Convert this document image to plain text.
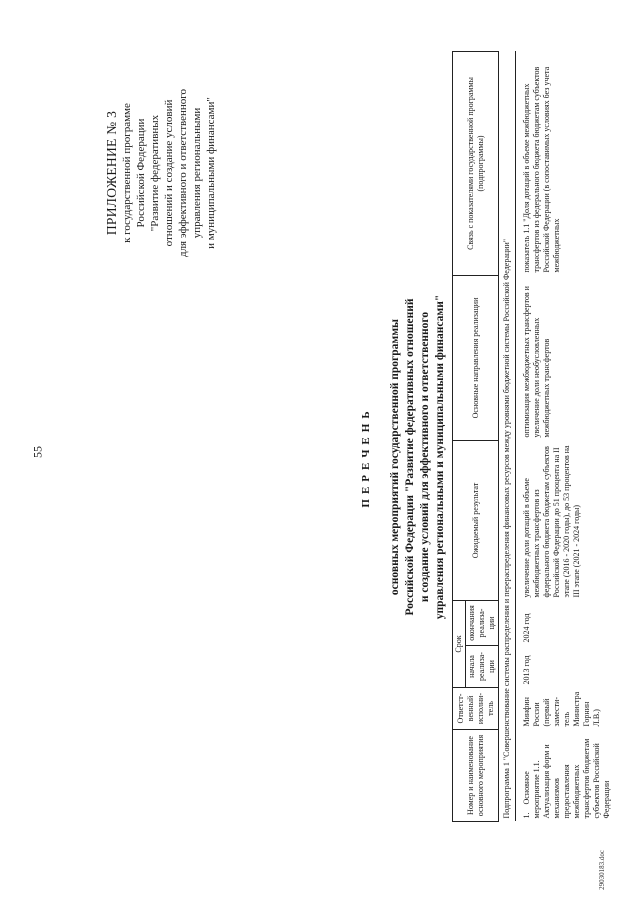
55
29030183.doc
ПРИЛОЖЕНИЕ № 3 к государственной программе Российской Федерации "Развитие федеративных отношений и создание условий для эффективного и ответственного управления региональными и муниципальными финансами"
ПЕРЕЧЕНЬ основных мероприятий государственной программы Российской Федерации "Развитие федеративных отношений и создание условий для эффективного и ответственного управления региональными и муниципальными финансами"
Номер и наименование основного мероприятия	Ответст-венный исполни-тель	Срок		Ожидаемый результат	Основные направления реализации	Связь с показателями государственной программы (подпрограммы)
		начала реализа-ции	окончания реализа-ции			
Подпрограмма 1 "Совершенствование системы распределения и перераспределения финансовых ресурсов между уровнями бюджетной системы Российской Федерации"						
1.Основное мероприятие 1.1. Актуализация форм и механизмов предоставления межбюджетных трансфертов бюджетам субъектов Российской Федерации	Минфин России (первый замести-тель Министра Горнин Л.В.)	2013 год	2024 год	увеличение доли дотаций в объеме межбюджетных трансфертов из федерального бюджета бюджетам субъектов Российской Федерации до 51 процента на II этапе (2016 - 2020 годы), до 53 процентов на III этапе (2021 - 2024 годы)	оптимизация межбюджетных трансфертов и увеличение доли необусловленных межбюджетных трансфертов	показатель 1.1 "Доля дотаций в объеме межбюджетных трансфертов из федерального бюджета бюджетам субъектов Российской Федерации (в сопоставимых условиях без учета межбюджетных
